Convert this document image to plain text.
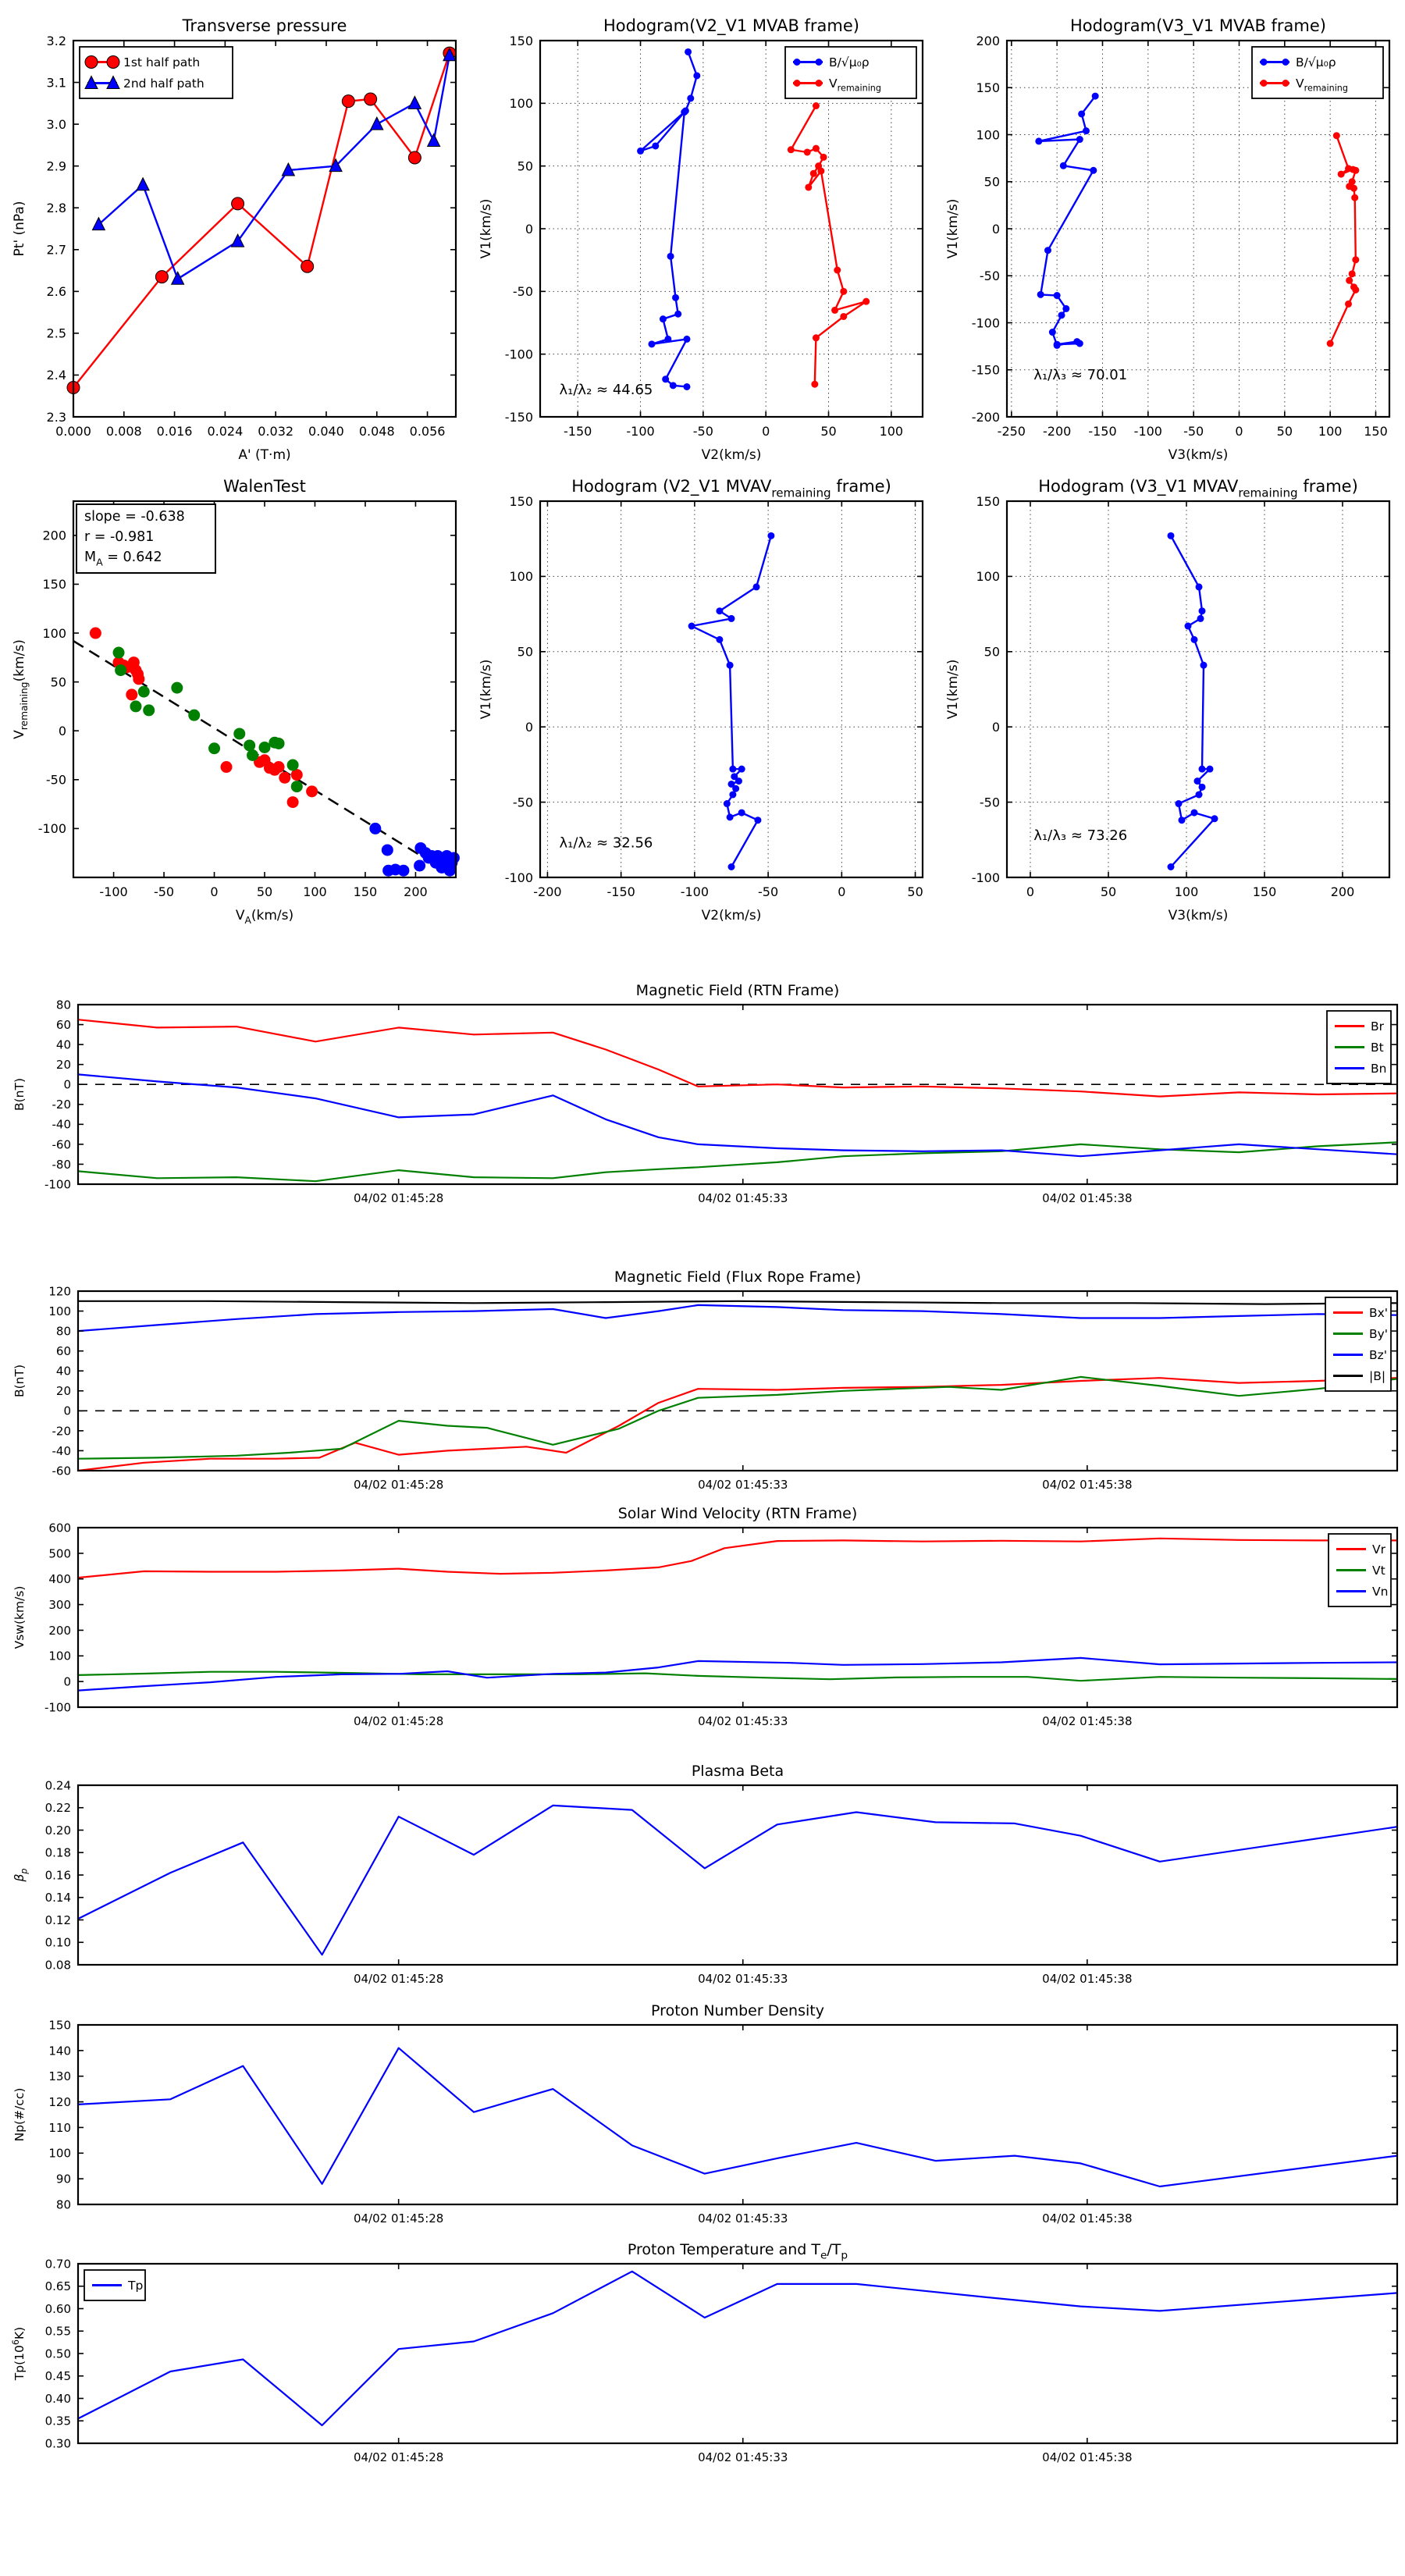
0.000 0.008 0.016 0.024 0.032 0.040 0.048 0.056
2.3
2.4
2.5
2.6
2.7
2.8
2.9
3.0
3.1
3.2
Transverse pressure
A' (T·m)
Pt' (nPa)
1st half path
2nd half path
-150	-100	-50	0	50	100
-150
-100
-50
0
50
100
150
Hodogram(V2_V1 MVAB frame)
V2(km/s)
V1(km/s)
B/√μ₀ρ
$V_{remaining}$
λ₁/λ₂ ≈ 44.65
-250 -200 -150 -100 -50	0	50 100 150
-200
-150
-100
-50
0
50
100
150
200
Hodogram(V3_V1 MVAB frame)
V3(km/s)
V1(km/s)
B/√μ₀ρ
$V_{remaining}$
λ₁/λ₃ ≈ 70.01
-100 -50	0	50 100 150 200
-100
-50
0
50
100
150
200
WalenTest
$V_A(km/s)$
$V_{remaining}(km/s)$
slope = -0.638
r = -0.981
$M_A = 0.642$
-200	-150	-100	-50	0	50
-100
-50
0
50
100
150
Hodogram (V2_V1 $MVAV_{remaining}$ frame)
V2(km/s)
V1(km/s)
λ₁/λ₂ ≈ 32.56
0	50	100	150	200
-100
-50
0
50
100
150
Hodogram (V3_V1 $MVAV_{remaining}$ frame)
V3(km/s)
V1(km/s)
λ₁/λ₃ ≈ 73.26
04/02 01:45:28	04/02 01:45:33	04/02 01:45:38
-100
-80
-60
-40
-20
0
20
40
60
80
Magnetic Field (RTN Frame)
B(nT)
Br
Bt
Bn
04/02 01:45:28	04/02 01:45:33	04/02 01:45:38
-60
-40
-20
0
20
40
60
80
100
120
Magnetic Field (Flux Rope Frame)
B(nT)
Bx'
By'
Bz'
|B|
04/02 01:45:28	04/02 01:45:33	04/02 01:45:38
-100
0
100
200
300
400
500
600
Solar Wind Velocity (RTN Frame)
Vsw(km/s)
Vr
Vt
Vn
04/02 01:45:28	04/02 01:45:33	04/02 01:45:38
0.08
0.10
0.12
0.14
0.16
0.18
0.20
0.22
0.24
Plasma Beta
$\beta_p$
04/02 01:45:28	04/02 01:45:33	04/02 01:45:38
80
90
100
110
120
130
140
150
Proton Number Density
Np(#/cc)
04/02 01:45:28	04/02 01:45:33	04/02 01:45:38
0.30
0.35
0.40
0.45
0.50
0.55
0.60
0.65
0.70
Proton Temperature and $T_e/T_p$
$Tp(10^6K)$
Tp
